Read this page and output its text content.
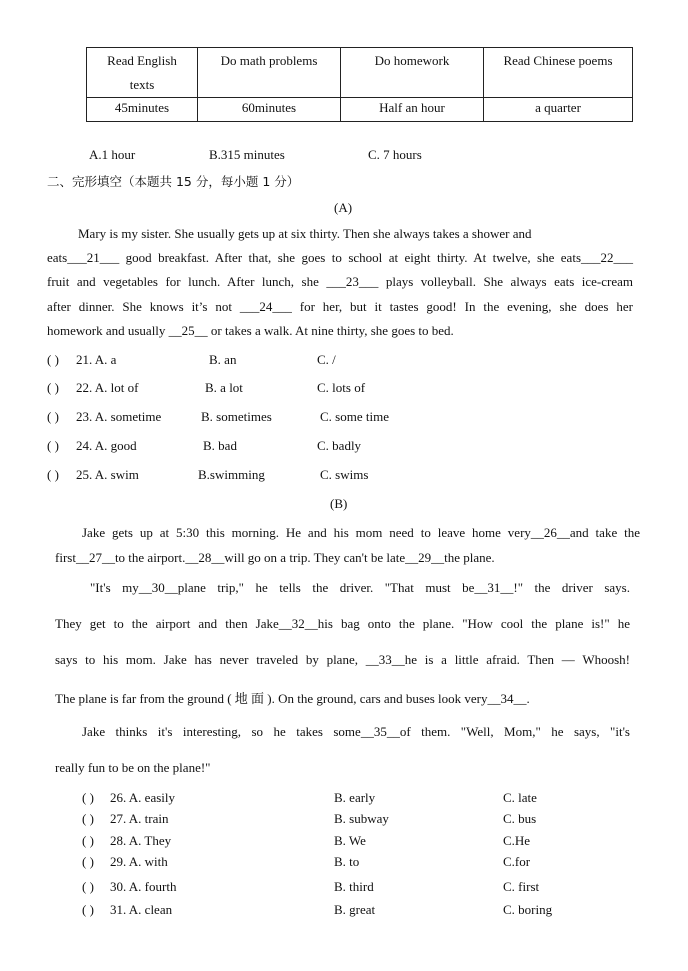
Read English
texts	Do math problems	Do homework	Read Chinese poems
45minutes	60minutes	Half an hour	a quarter
A.1 hour	B.315 minutes	C. 7 hours
二、完形填空（本题共 15 分，每小题 1 分）
(A)
Mary is my sister. She usually gets up at six thirty. Then she always takes a shower and
eats___21___ good breakfast. After that, she goes to school at eight thirty. At twelve, she eats___22___
fruit and vegetables for lunch. After lunch, she ___23___ plays volleyball. She always eats ice-cream
after dinner. She knows it’s not ___24___ for her, but it tastes good! In the evening, she does her
homework and usually __25__ or takes a walk. At nine thirty, she goes to bed.
( ) 21. A. a	B. an	C. /
( ) 22. A. lot of	B. a lot	C. lots of
( ) 23. A. sometime	B. sometimes	C. some time
( ) 24. A. good	B. bad	C. badly
( ) 25. A. swim	B.swimming	C. swims
(B)
Jake gets up at 5:30 this morning. He and his mom need to leave home very__26__and take the
first__27__to the airport.__28__will go on a trip. They can't be late__29__the plane.
"It's my__30__plane trip," he tells the driver. "That must be__31__!" the driver says.
They get to the airport and then Jake__32__his bag onto the plane. "How cool the plane is!" he
says to his mom. Jake has never traveled by plane, __33__he is a little afraid. Then — Whoosh!
The plane is far from the ground ( 地 面 ). On the ground, cars and buses look very__34__.
Jake thinks it's interesting, so he takes some__35__of them. "Well, Mom," he says, "it's
really fun to be on the plane!"
( ) 26. A. easily	B. early	C. late
( ) 27. A. train	B. subway	C. bus
( ) 28. A. They	B. We	C.He
( ) 29. A. with	B. to	C.for
( ) 30. A. fourth	B. third	C. first
( ) 31. A. clean	B. great	C. boring
